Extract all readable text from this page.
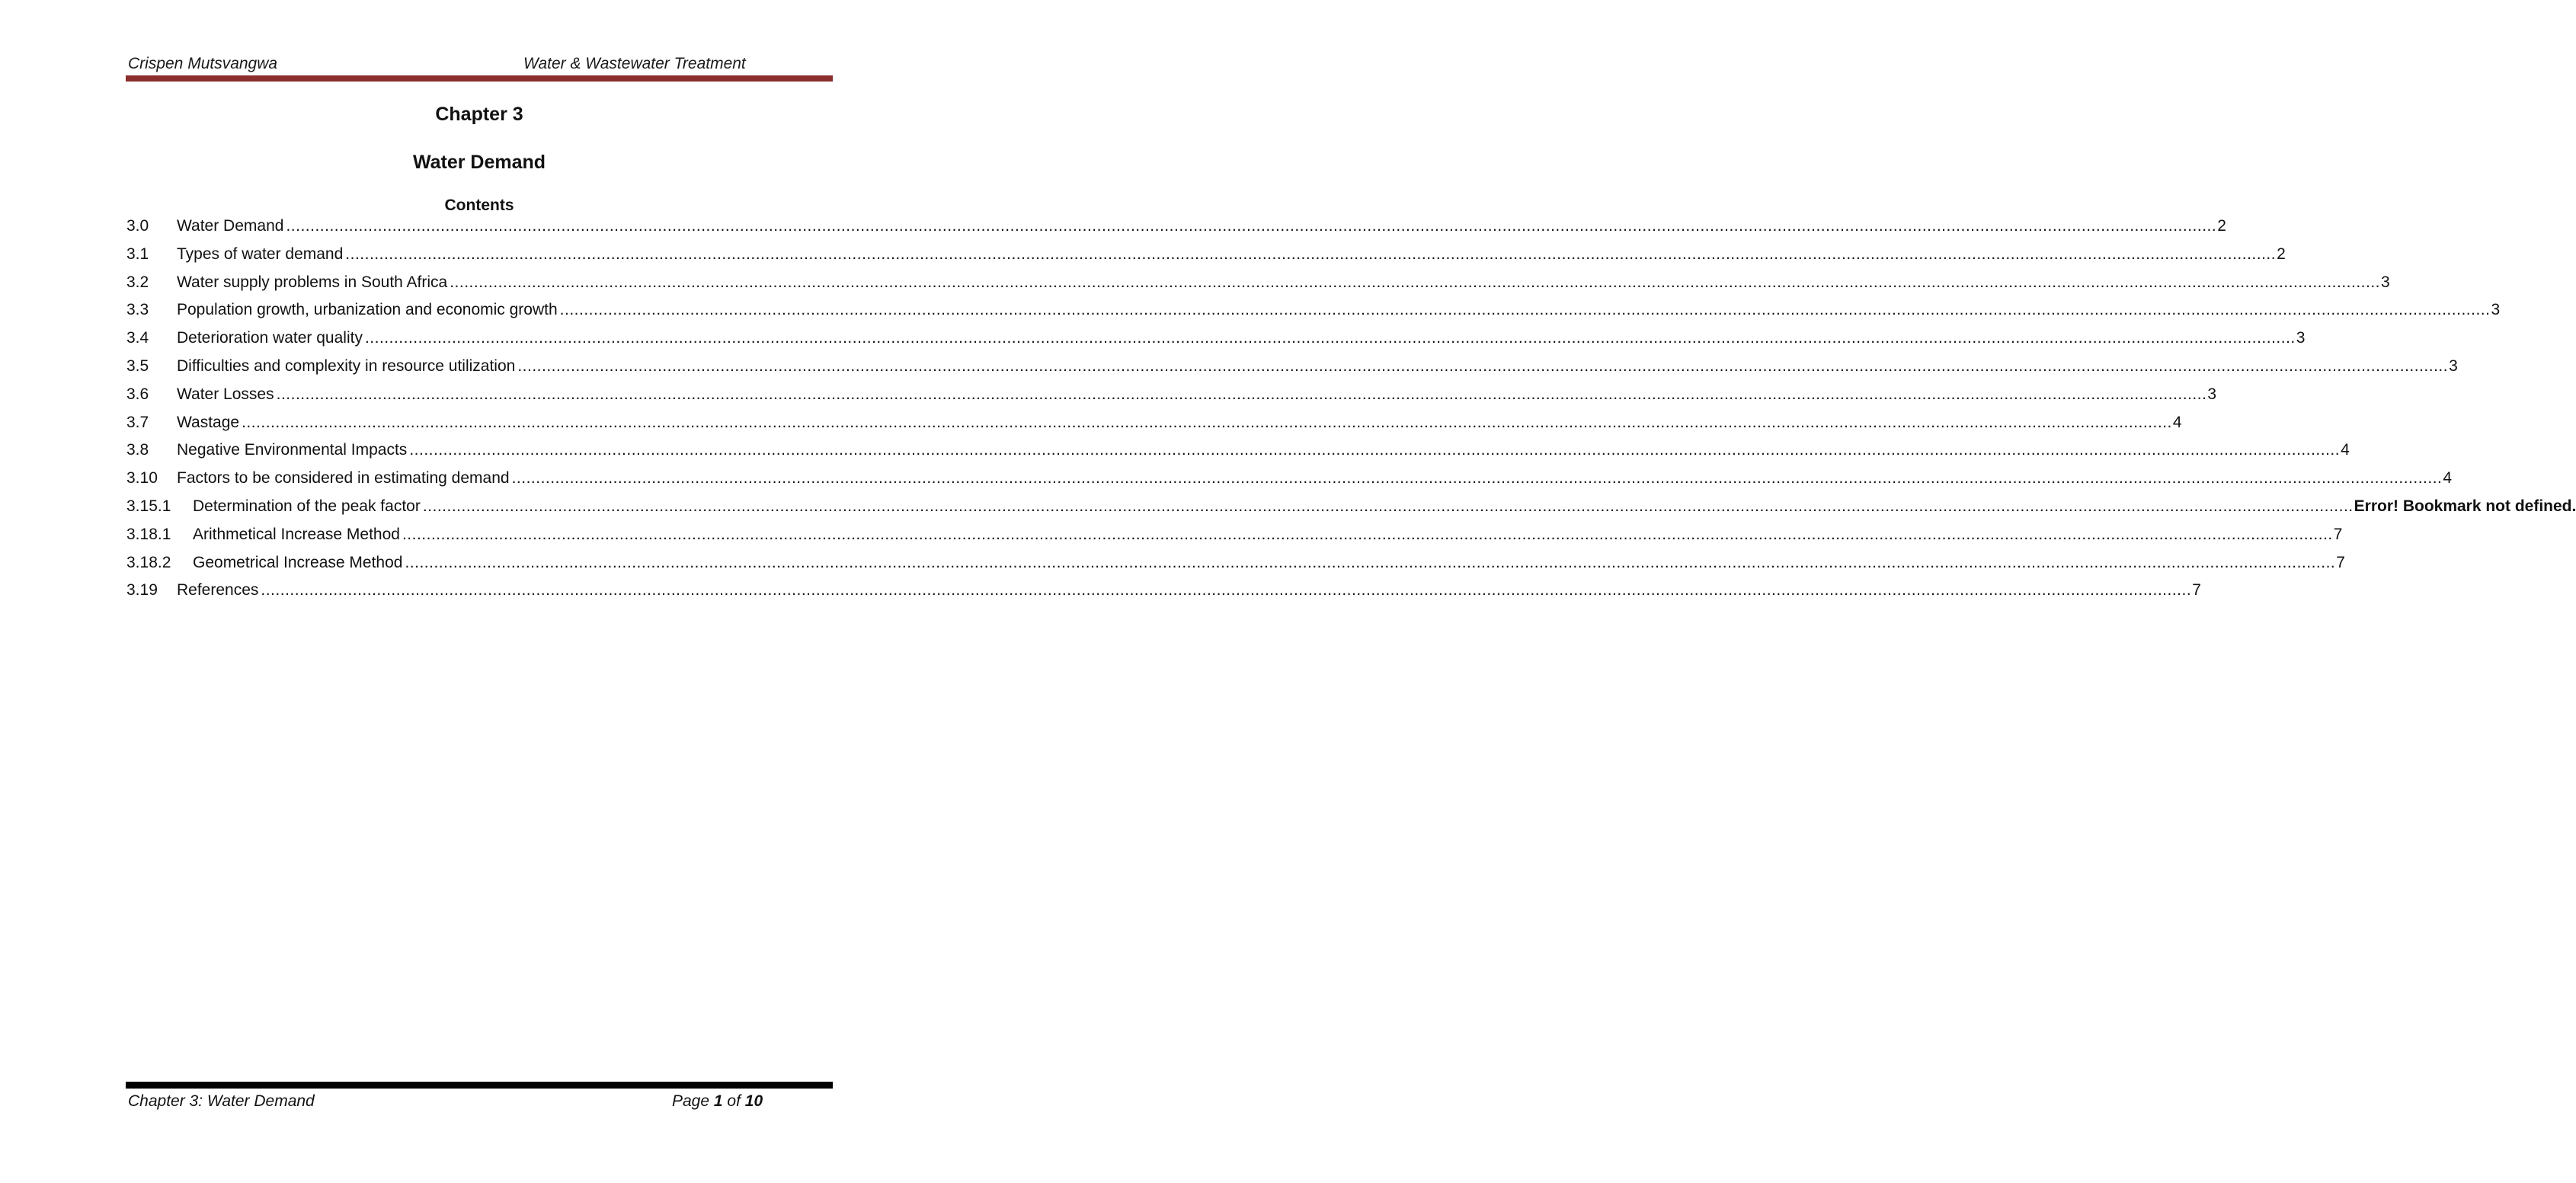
Crispen Mutsvangwa	Water & Wastewater Treatment
Chapter 3
Water Demand
Contents
3.0	Water Demand ................................................................................................................................................................................................................................................................................................................................................................................................................ 2
3.1	Types of water demand ................................................................................................................................................................................................................................................................................................................................................................................................................ 2
3.2	Water supply problems in South Africa ................................................................................................................................................................................................................................................................................................................................................................................................................ 3
3.3	Population growth, urbanization and economic growth ................................................................................................................................................................................................................................................................................................................................................................................................................ 3
3.4	Deterioration water quality ................................................................................................................................................................................................................................................................................................................................................................................................................ 3
3.5	Difficulties and complexity in resource utilization ................................................................................................................................................................................................................................................................................................................................................................................................................ 3
3.6	Water Losses ................................................................................................................................................................................................................................................................................................................................................................................................................ 3
3.7	Wastage ................................................................................................................................................................................................................................................................................................................................................................................................................ 4
3.8	Negative Environmental Impacts ................................................................................................................................................................................................................................................................................................................................................................................................................ 4
3.10	Factors to be considered in estimating demand ................................................................................................................................................................................................................................................................................................................................................................................................................ 4
3.15.1	Determination of the peak factor ................................................................................................................................................................................................................................................................................................................................................................................................................ Error! Bookmark not defined.
3.18.1	Arithmetical Increase Method ................................................................................................................................................................................................................................................................................................................................................................................................................ 7
3.18.2	Geometrical Increase Method ................................................................................................................................................................................................................................................................................................................................................................................................................ 7
3.19	References ................................................................................................................................................................................................................................................................................................................................................................................................................ 7
Chapter 3: Water Demand	Page 1 of 10
